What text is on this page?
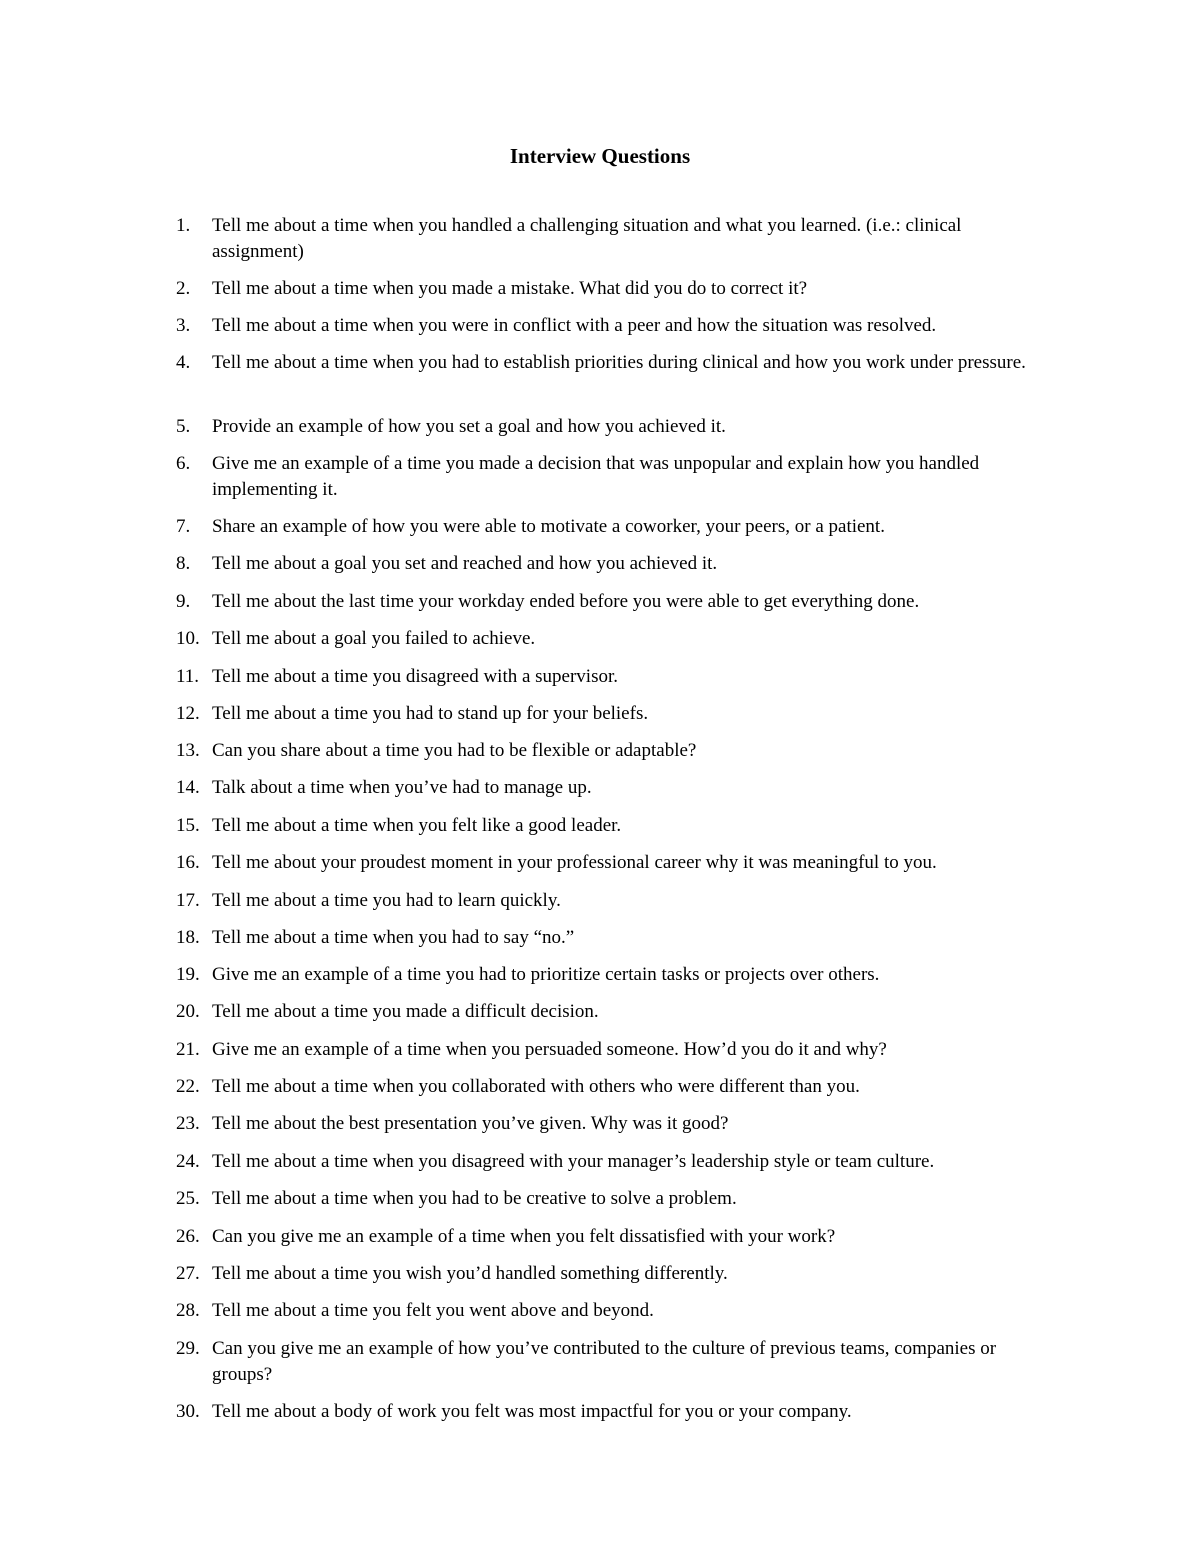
Interview Questions
1.	Tell me about a time when you handled a challenging situation and what you learned. (i.e.: clinical assignment)
2.	Tell me about a time when you made a mistake. What did you do to correct it?
3.	Tell me about a time when you were in conflict with a peer and how the situation was resolved.
4.	Tell me about a time when you had to establish priorities during clinical and how you work under pressure.
5.	Provide an example of how you set a goal and how you achieved it.
6.	Give me an example of a time you made a decision that was unpopular and explain how you handled implementing it.
7.	Share an example of how you were able to motivate a coworker, your peers, or a patient.
8.	Tell me about a goal you set and reached and how you achieved it.
9.	Tell me about the last time your workday ended before you were able to get everything done.
10. Tell me about a goal you failed to achieve.
11. Tell me about a time you disagreed with a supervisor.
12. Tell me about a time you had to stand up for your beliefs.
13. Can you share about a time you had to be flexible or adaptable?
14. Talk about a time when you’ve had to manage up.
15. Tell me about a time when you felt like a good leader.
16. Tell me about your proudest moment in your professional career why it was meaningful to you.
17. Tell me about a time you had to learn quickly.
18. Tell me about a time when you had to say “no.”
19. Give me an example of a time you had to prioritize certain tasks or projects over others.
20. Tell me about a time you made a difficult decision.
21. Give me an example of a time when you persuaded someone. How’d you do it and why?
22. Tell me about a time when you collaborated with others who were different than you.
23. Tell me about the best presentation you’ve given. Why was it good?
24. Tell me about a time when you disagreed with your manager’s leadership style or team culture.
25. Tell me about a time when you had to be creative to solve a problem.
26. Can you give me an example of a time when you felt dissatisfied with your work?
27. Tell me about a time you wish you’d handled something differently.
28. Tell me about a time you felt you went above and beyond.
29. Can you give me an example of how you’ve contributed to the culture of previous teams, companies or groups?
30. Tell me about a body of work you felt was most impactful for you or your company.
